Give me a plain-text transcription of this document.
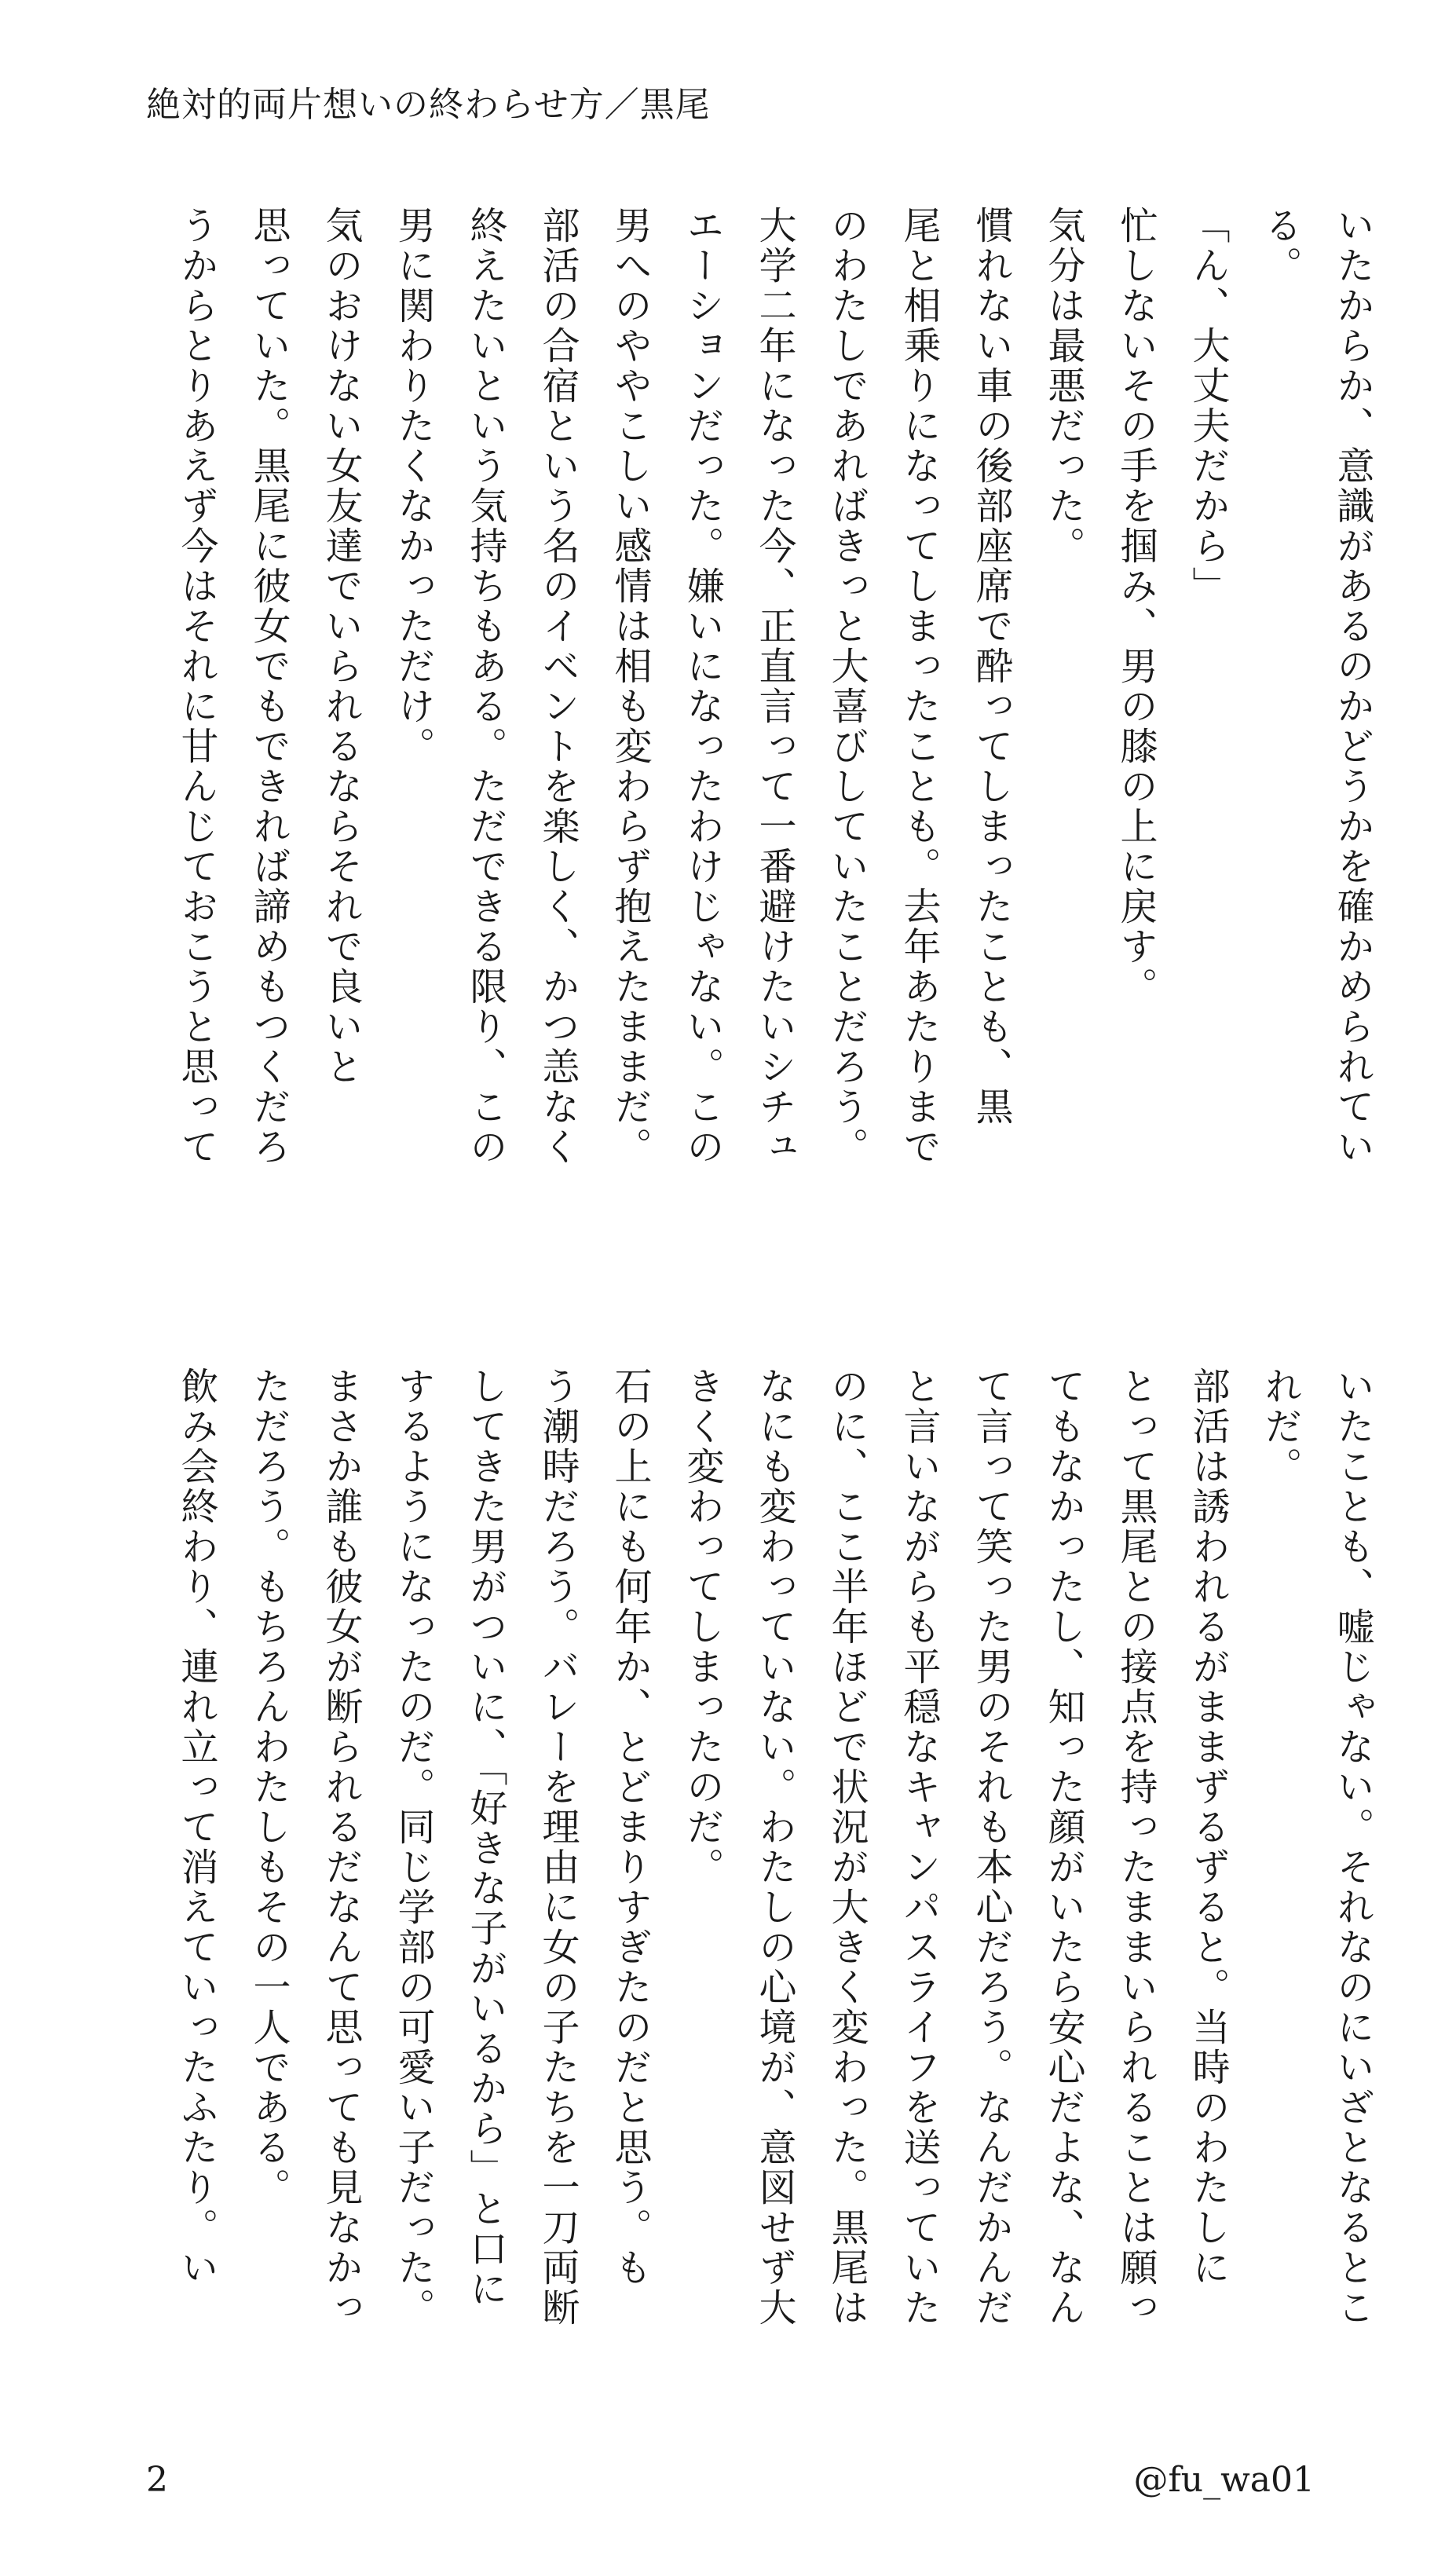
絶対的両片想いの終わらせ方／黒尾
いたからか、意識があるのかどうかを確かめられてい
る。
「ん、大丈夫だから」
忙しないその手を掴み、男の膝の上に戻す。
気分は最悪だった。
慣れない車の後部座席で酔ってしまったことも、黒
尾と相乗りになってしまったことも。去年あたりまで
のわたしであればきっと大喜びしていたことだろう。
大学二年になった今、正直言って一番避けたいシチュ
エーションだった。嫌いになったわけじゃない。この
男へのややこしい感情は相も変わらず抱えたままだ。
部活の合宿という名のイベントを楽しく、かつ恙なく
終えたいという気持ちもある。ただできる限り、この
男に関わりたくなかっただけ。
気のおけない女友達でいられるならそれで良いと
思っていた。黒尾に彼女でもできれば諦めもつくだろ
うからとりあえず今はそれに甘んじておこうと思って
いたことも、嘘じゃない。それなのにいざとなるとこ
れだ。
部活は誘われるがままずるずると。当時のわたしに
とって黒尾との接点を持ったままいられることは願っ
てもなかったし、知った顔がいたら安心だよな、なん
て言って笑った男のそれも本心だろう。なんだかんだ
と言いながらも平穏なキャンパスライフを送っていた
のに、ここ半年ほどで状況が大きく変わった。黒尾は
なにも変わっていない。わたしの心境が、意図せず大
きく変わってしまったのだ。
石の上にも何年か、とどまりすぎたのだと思う。も
う潮時だろう。バレーを理由に女の子たちを一刀両断
してきた男がついに、「好きな子がいるから」と口に
するようになったのだ。同じ学部の可愛い子だった。
まさか誰も彼女が断られるだなんて思っても見なかっ
ただろう。もちろんわたしもその一人である。
飲み会終わり、連れ立って消えていったふたり。い
2	@fu_wa01
